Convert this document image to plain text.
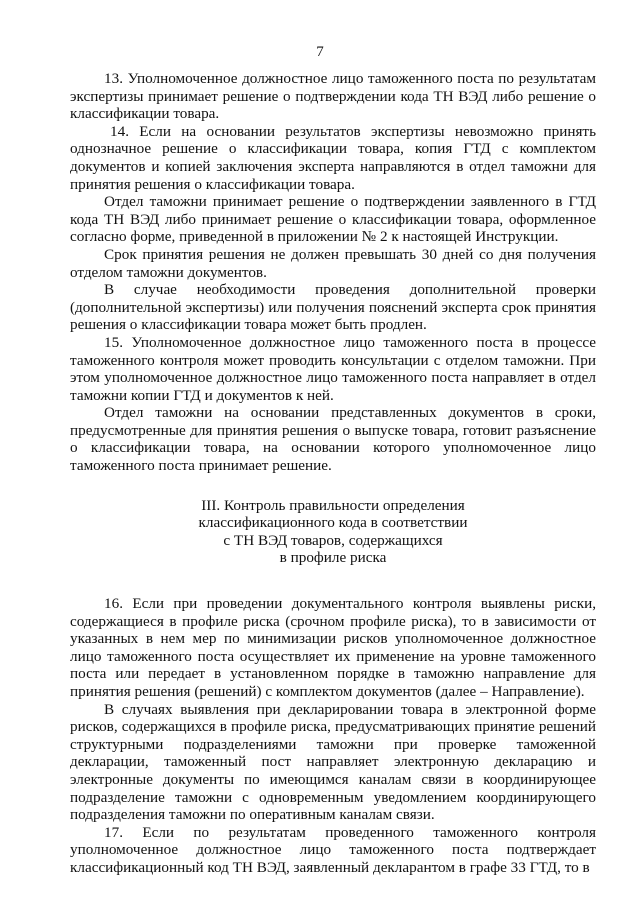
7

13. Уполномоченное должностное лицо таможенного поста по результатам экспертизы принимает решение о подтверждении кода ТН ВЭД либо решение о классификации товара.

14. Если на основании результатов экспертизы невозможно принять однозначное решение о классификации товара, копия ГТД с комплектом документов и копией заключения эксперта направляются в отдел таможни для принятия решения о классификации товара.

Отдел таможни принимает решение о подтверждении заявленного в ГТД кода ТН ВЭД либо принимает решение о классификации товара, оформленное согласно форме, приведенной в приложении № 2 к настоящей Инструкции.

Срок принятия решения не должен превышать 30 дней со дня получения отделом таможни документов.

В случае необходимости проведения дополнительной проверки (дополнительной экспертизы) или получения пояснений эксперта срок принятия решения о классификации товара может быть продлен.

15. Уполномоченное должностное лицо таможенного поста в процессе таможенного контроля может проводить консультации с отделом таможни. При этом уполномоченное должностное лицо таможенного поста направляет в отдел таможни копии ГТД и документов к ней.

Отдел таможни на основании представленных документов в сроки, предусмотренные для принятия решения о выпуске товара, готовит разъяснение о классификации товара, на основании которого уполномоченное лицо таможенного поста принимает решение.

III. Контроль правильности определения
классификационного кода в соответствии
с ТН ВЭД товаров, содержащихся
в профиле риска

16. Если при проведении документального контроля выявлены риски, содержащиеся в профиле риска (срочном профиле риска), то в зависимости от указанных в нем мер по минимизации рисков уполномоченное должностное лицо таможенного поста осуществляет их применение на уровне таможенного поста или передает в установленном порядке в таможню направление для принятия решения (решений) с комплектом документов (далее – Направление).

В случаях выявления при декларировании товара в электронной форме рисков, содержащихся в профиле риска, предусматривающих принятие решений структурными подразделениями таможни при проверке таможенной декларации, таможенный пост направляет электронную декларацию и электронные документы по имеющимся каналам связи в координирующее подразделение таможни с одновременным уведомлением координирующего подразделения таможни по оперативным каналам связи.

17. Если по результатам проведенного таможенного контроля уполномоченное должностное лицо таможенного поста подтверждает классификационный код ТН ВЭД, заявленный декларантом в графе 33 ГТД, то в
